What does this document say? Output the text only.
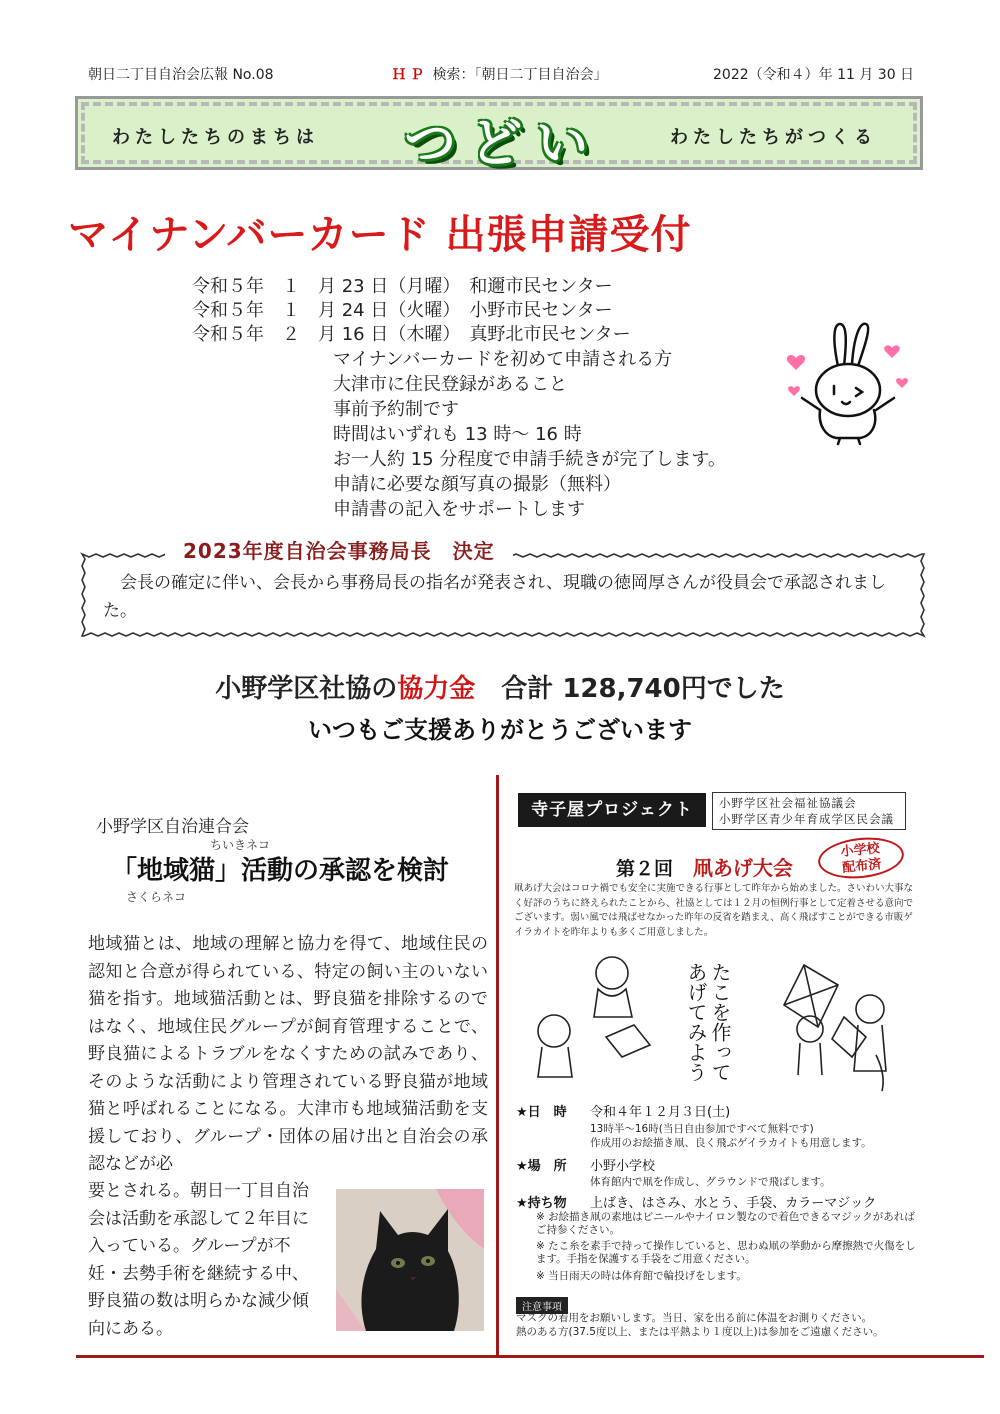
朝日二丁目自治会広報 No.08	ＨＰ 検索：「朝日二丁目自治会」	2022（令和４）年 11 月 30 日
わたしたちのまちは	つどい	わたしたちがつくる
マイナンバーカード 出張申請受付
令和５年　１　月 23 日（月曜）　和邇市民センター
令和５年　１　月 24 日（火曜）　小野市民センター
令和５年　２　月 16 日（木曜）　真野北市民センター
マイナンバーカードを初めて申請される方
大津市に住民登録があること
事前予約制です
時間はいずれも 13 時～ 16 時
お一人約 15 分程度で申請手続きが完了します。
申請に必要な顔写真の撮影（無料）
申請書の記入をサポートします
2023年度自治会事務局長　決定
　会長の確定に伴い、会長から事務局長の指名が発表され、現職の徳岡厚さんが役員会で承認されました。
小野学区社協の協力金　合計 128,740円でした
いつもご支援ありがとうございます
小野学区自治連合会
ちいきネコ
「地域猫」活動の承認を検討
さくらネコ
地域猫とは、地域の理解と協力を得て、地域住民の認知と合意が得られている、特定の飼い主のいない猫を指す。地域猫活動とは、野良猫を排除するのではなく、地域住民グループが飼育管理することで、野良猫によるトラブルをなくすための試みであり、そのような活動により管理されている野良猫が地域猫と呼ばれることになる。大津市も地域猫活動を支援しており、グループ・団体の届け出と自治会の承認などが必
要とされる。朝日一丁目自治会は活動を承認して２年目に入っている。グループが不妊・去勢手術を継続する中、野良猫の数は明らかな減少傾向にある。
寺子屋プロジェクト	小野学区社会福祉協議会
小野学区青少年育成学区民会議
第２回 凧あげ大会
小学校
配布済
凧あげ大会はコロナ禍でも安全に実施できる行事として昨年から始めました。さいわい大事なく好評のうちに終えられたことから、社協としては１２月の恒例行事として定着させる意向でございます。弱い風では飛ばせなかった昨年の反省を踏まえ、高く飛ばすことができる市販ゲイラカイトを昨年よりも多くご用意しました。
たこを作って あげてみよう
★日　時 令和４年１２月３日(土)
13時半～16時(当日自由参加ですべて無料です)
作成用のお絵描き凧、良く飛ぶゲイラカイトも用意します。
★場　所 小野小学校
体育館内で凧を作成し、グラウンドで飛ばします。
★持ち物 上ばき、はさみ、水とう、手袋、カラーマジック
※ お絵描き凧の素地はビニールやナイロン製なので着色できるマジックがあればご持参ください。
※ たこ糸を素手で持って操作していると、思わぬ凧の挙動から摩擦熱で火傷をします。手指を保護する手袋をご用意ください。
※ 当日雨天の時は体育館で輪投げをします。
注意事項
マスクの着用をお願いします。当日、家を出る前に体温をお測りください。
熱のある方(37.5度以上、または平熱より１度以上)は参加をご遠慮ください。
